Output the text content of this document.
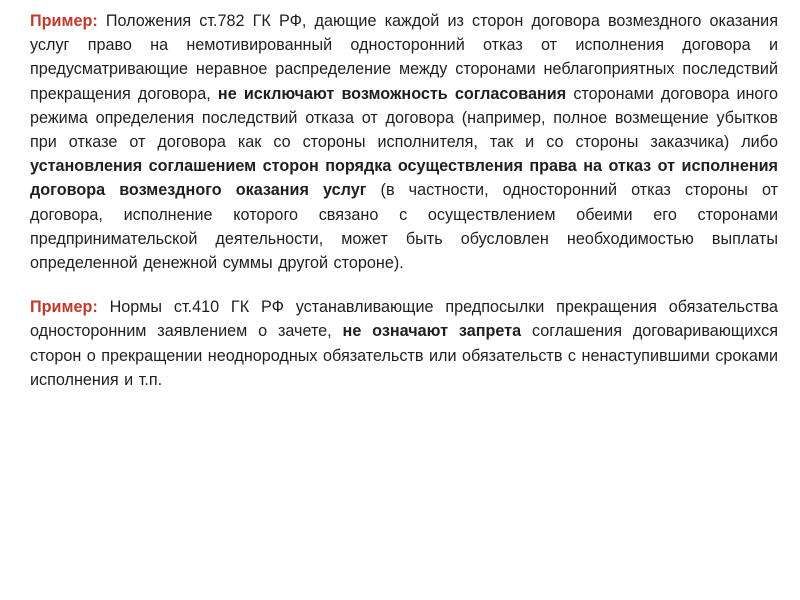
Пример: Положения ст.782 ГК РФ, дающие каждой из сторон договора возмездного оказания услуг право на немотивированный односторонний отказ от исполнения договора и предусматривающие неравное распределение между сторонами неблагоприятных последствий прекращения договора, не исключают возможность согласования сторонами договора иного режима определения последствий отказа от договора (например, полное возмещение убытков при отказе от договора как со стороны исполнителя, так и со стороны заказчика) либо установления соглашением сторон порядка осуществления права на отказ от исполнения договора возмездного оказания услуг (в частности, односторонний отказ стороны от договора, исполнение которого связано с осуществлением обеими его сторонами предпринимательской деятельности, может быть обусловлен необходимостью выплаты определенной денежной суммы другой стороне).

Пример: Нормы ст.410 ГК РФ устанавливающие предпосылки прекращения обязательства односторонним заявлением о зачете, не означают запрета соглашения договаривающихся сторон о прекращении неоднородных обязательств или обязательств с ненаступившими сроками исполнения и т.п.
